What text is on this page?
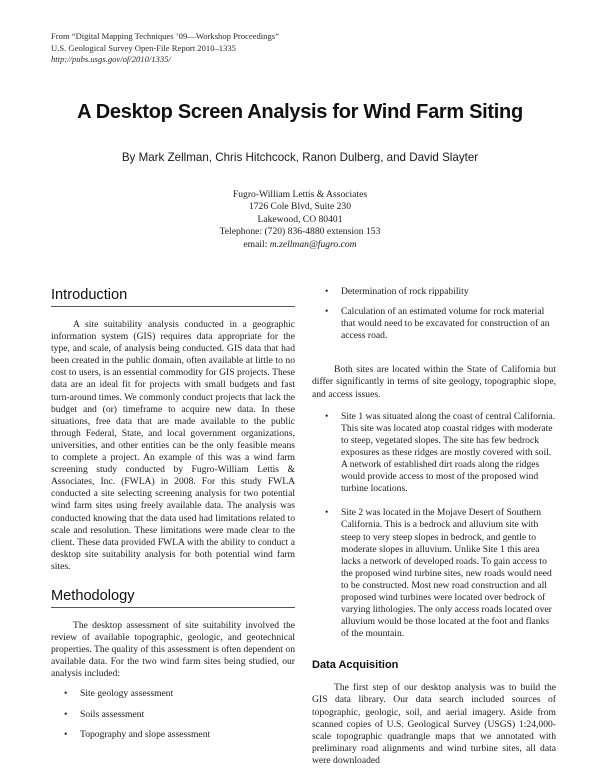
From “Digital Mapping Techniques ’09—Workshop Proceedings”
U.S. Geological Survey Open-File Report 2010–1335
http://pubs.usgs.gov/of/2010/1335/
A Desktop Screen Analysis for Wind Farm Siting
By Mark Zellman, Chris Hitchcock, Ranon Dulberg, and David Slayter
Fugro-William Lettis & Associates
1726 Cole Blvd, Suite 230
Lakewood, CO 80401
Telephone: (720) 836-4880 extension 153
email: m.zellman@fugro.com
Introduction

A site suitability analysis conducted in a geographic information system (GIS) requires data appropriate for the type, and scale, of analysis being conducted. GIS data that had been created in the public domain, often available at little to no cost to users, is an essential commodity for GIS projects. These data are an ideal fit for projects with small budgets and fast turn-around times. We commonly conduct projects that lack the budget and (or) timeframe to acquire new data. In these situations, free data that are made available to the public through Federal, State, and local government organizations, universities, and other entities can be the only feasible means to complete a project. An example of this was a wind farm screening study conducted by Fugro-William Lettis & Associates, Inc. (FWLA) in 2008. For this study FWLA conducted a site selecting screening analysis for two potential wind farm sites using freely available data. The analysis was conducted knowing that the data used had limitations related to scale and resolution. These limitations were made clear to the client. These data provided FWLA with the ability to conduct a desktop site suitability analysis for both potential wind farm sites.

Methodology

The desktop assessment of site suitability involved the review of available topographic, geologic, and geotechnical properties. The quality of this assessment is often dependent on available data. For the two wind farm sites being studied, our analysis included:

• Site geology assessment
• Soils assessment
• Topography and slope assessment
• Determination of rock rippability
• Calculation of an estimated volume for rock material that would need to be excavated for construction of an access road.

Both sites are located within the State of California but differ significantly in terms of site geology, topographic slope, and access issues.

• Site 1 was situated along the coast of central California. This site was located atop coastal ridges with moderate to steep, vegetated slopes. The site has few bedrock exposures as these ridges are mostly covered with soil. A network of established dirt roads along the ridges would provide access to most of the proposed wind turbine locations.
• Site 2 was located in the Mojave Desert of Southern California. This is a bedrock and alluvium site with steep to very steep slopes in bedrock, and gentle to moderate slopes in alluvium. Unlike Site 1 this area lacks a network of developed roads. To gain access to the proposed wind turbine sites, new roads would need to be constructed. Most new road construction and all proposed wind turbines were located over bedrock of varying lithologies. The only access roads located over alluvium would be those located at the foot and flanks of the mountain.
Data Acquisition

The first step of our desktop analysis was to build the GIS data library. Our data search included sources of topographic, geologic, soil, and aerial imagery. Aside from scanned copies of U.S. Geological Survey (USGS) 1:24,000-scale topographic quadrangle maps that we annotated with preliminary road alignments and wind turbine sites, all data were downloaded
